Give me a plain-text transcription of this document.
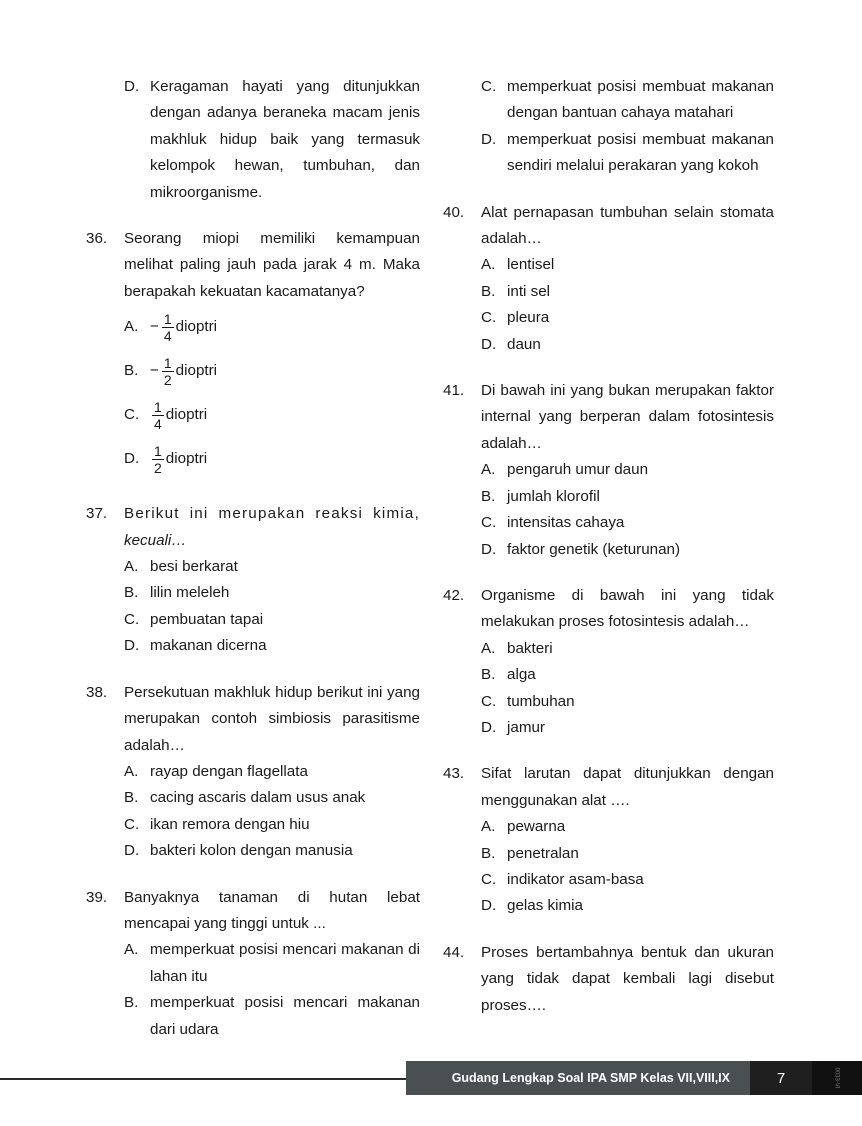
D. Keragaman hayati yang ditunjukkan dengan adanya beraneka macam jenis makhluk hidup baik yang termasuk kelompok hewan, tumbuhan, dan mikroorganisme.
36.	Seorang miopi memiliki kemampuan melihat paling jauh pada jarak 4 m. Maka berapakah kekuatan kacamatanya?
A. − $\frac{1}{4}$ dioptri
B. − $\frac{1}{2}$ dioptri
C. $\frac{1}{4}$ dioptri
D. $\frac{1}{2}$ dioptri
37.	Berikut ini merupakan reaksi kimia, kecuali…
A. besi berkarat
B. lilin meleleh
C. pembuatan tapai
D. makanan dicerna
38.	Persekutuan makhluk hidup berikut ini yang merupakan contoh simbiosis parasitisme adalah…
A. rayap dengan flagellata
B. cacing ascaris dalam usus anak
C. ikan remora dengan hiu
D. bakteri kolon dengan manusia
39.	Banyaknya tanaman di hutan lebat mencapai yang tinggi untuk ...
A. memperkuat posisi mencari makanan di lahan itu
B. memperkuat posisi mencari makanan dari udara
C. memperkuat posisi membuat makanan dengan bantuan cahaya matahari
D. memperkuat posisi membuat makanan sendiri melalui perakaran yang kokoh
40.	Alat pernapasan tumbuhan selain stomata adalah…
A. lentisel
B. inti sel
C. pleura
D. daun
41.	Di bawah ini yang bukan merupakan faktor internal yang berperan dalam fotosintesis adalah…
A. pengaruh umur daun
B. jumlah klorofil
C. intensitas cahaya
D. faktor genetik (keturunan)
42.	Organisme di bawah ini yang tidak melakukan proses fotosintesis adalah…
A. bakteri
B. alga
C. tumbuhan
D. jamur
43.	Sifat larutan dapat ditunjukkan dengan menggunakan alat ….
A. pewarna
B. penetralan
C. indikator asam-basa
D. gelas kimia
44.	Proses bertambahnya bentuk dan ukuran yang tidak dapat kembali lagi disebut proses….
Gudang Lengkap Soal IPA SMP Kelas VII,VIII,IX	7	0033-VI
